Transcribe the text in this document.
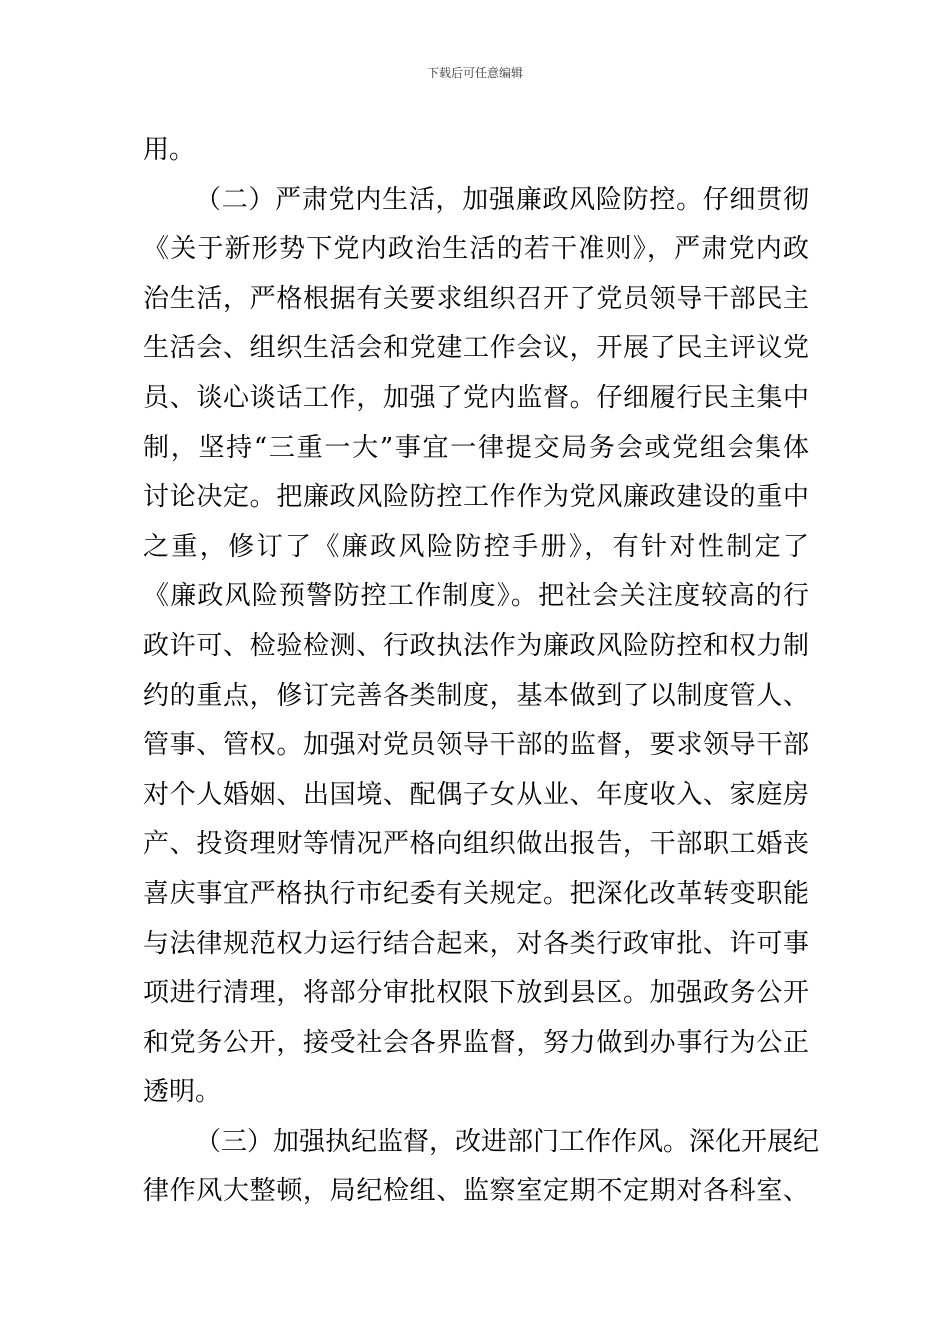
下载后可任意编辑
用。
（二）严肃党内生活，加强廉政风险防控。仔细贯彻
《关于新形势下党内政治生活的若干准则》，严肃党内政
治生活，严格根据有关要求组织召开了党员领导干部民主
生活会、组织生活会和党建工作会议，开展了民主评议党
员、谈心谈话工作，加强了党内监督。仔细履行民主集中
制，坚持“三重一大”事宜一律提交局务会或党组会集体
讨论决定。把廉政风险防控工作作为党风廉政建设的重中
之重，修订了《廉政风险防控手册》，有针对性制定了
《廉政风险预警防控工作制度》。把社会关注度较高的行
政许可、检验检测、行政执法作为廉政风险防控和权力制
约的重点，修订完善各类制度，基本做到了以制度管人、
管事、管权。加强对党员领导干部的监督，要求领导干部
对个人婚姻、出国境、配偶子女从业、年度收入、家庭房
产、投资理财等情况严格向组织做出报告，干部职工婚丧
喜庆事宜严格执行市纪委有关规定。把深化改革转变职能
与法律规范权力运行结合起来，对各类行政审批、许可事
项进行清理，将部分审批权限下放到县区。加强政务公开
和党务公开，接受社会各界监督，努力做到办事行为公正
透明。
（三）加强执纪监督，改进部门工作作风。深化开展纪
律作风大整顿，局纪检组、监察室定期不定期对各科室、
